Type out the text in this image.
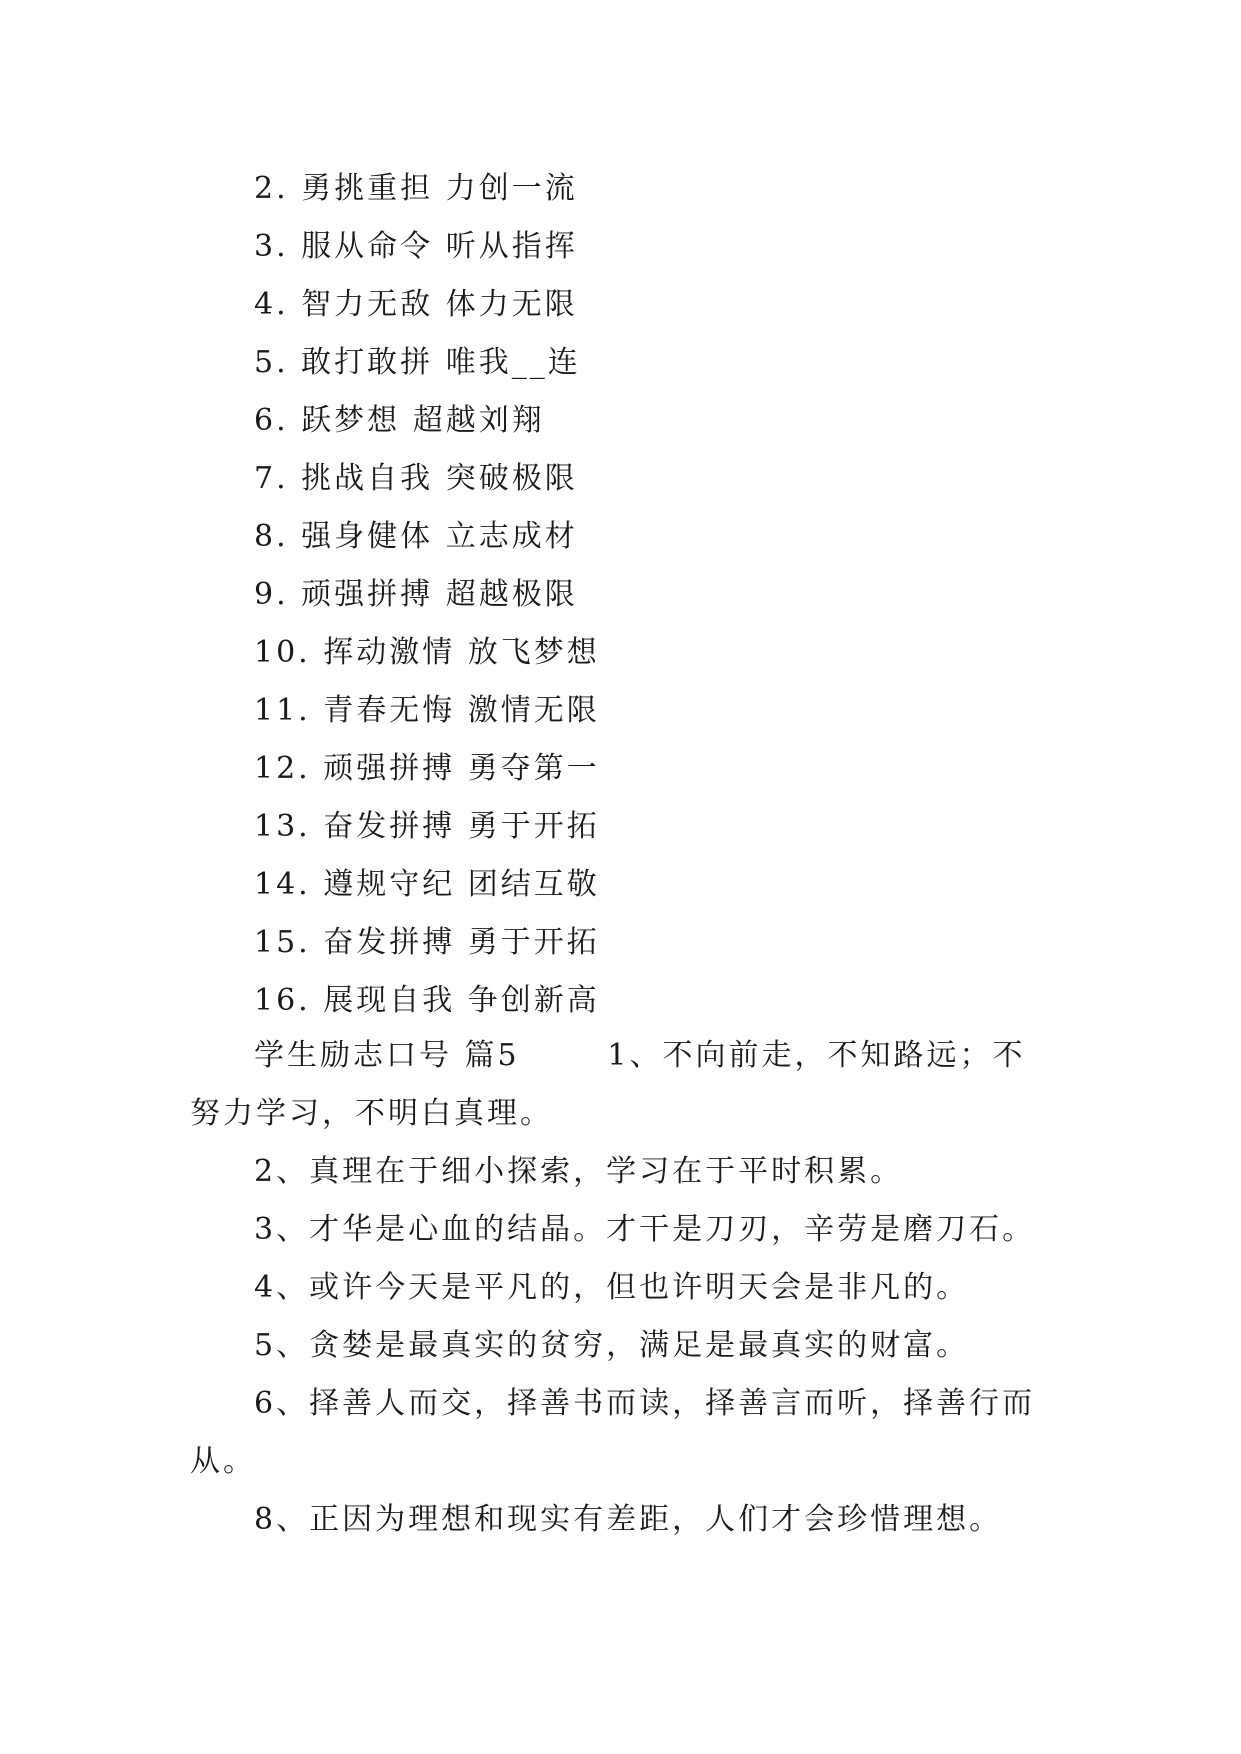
2. 勇挑重担 力创一流
3. 服从命令 听从指挥
4. 智力无敌 体力无限
5. 敢打敢拼 唯我__连
6. 跃梦想 超越刘翔
7. 挑战自我 突破极限
8. 强身健体 立志成材
9. 顽强拼搏 超越极限
10. 挥动激情 放飞梦想
11. 青春无悔 激情无限
12. 顽强拼搏 勇夺第一
13. 奋发拼搏 勇于开拓
14. 遵规守纪 团结互敬
15. 奋发拼搏 勇于开拓
16. 展现自我 争创新高

学生励志口号 篇5	1、不向前走，不知路远；不努力学习，不明白真理。

2、真理在于细小探索，学习在于平时积累。

3、才华是心血的结晶。才干是刀刃，辛劳是磨刀石。

4、或许今天是平凡的，但也许明天会是非凡的。

5、贪婪是最真实的贫穷，满足是最真实的财富。

6、择善人而交，择善书而读，择善言而听，择善行而从。

8、正因为理想和现实有差距，人们才会珍惜理想。
